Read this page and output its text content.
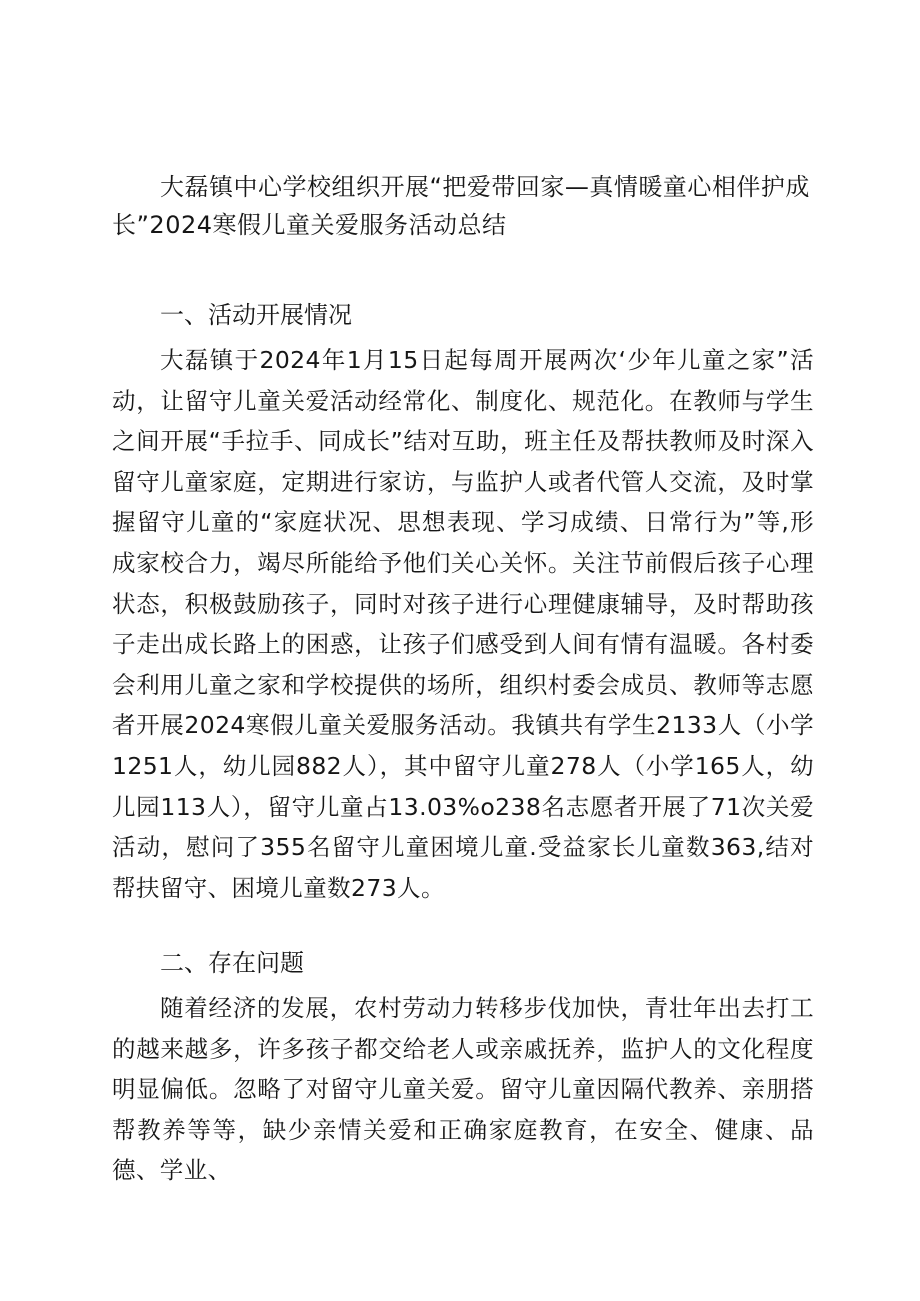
大磊镇中心学校组织开展“把爱带回家—真情暖童心相伴护成长”2024寒假儿童关爱服务活动总结
一、活动开展情况

大磊镇于2024年1月15日起每周开展两次‘少年儿童之家”活动，让留守儿童关爱活动经常化、制度化、规范化。在教师与学生之间开展“手拉手、同成长”结对互助，班主任及帮扶教师及时深入留守儿童家庭，定期进行家访，与监护人或者代管人交流，及时掌握留守儿童的“家庭状况、思想表现、学习成绩、日常行为”等,形成家校合力，竭尽所能给予他们关心关怀。关注节前假后孩子心理状态，积极鼓励孩子，同时对孩子进行心理健康辅导，及时帮助孩子走出成长路上的困惑，让孩子们感受到人间有情有温暖。各村委会利用儿童之家和学校提供的场所，组织村委会成员、教师等志愿者开展2024寒假儿童关爱服务活动。我镇共有学生2133人（小学1251人，幼儿园882人），其中留守儿童278人（小学165人，幼儿园113人），留守儿童占13.03%o238名志愿者开展了71次关爱活动，慰问了355名留守儿童困境儿童.受益家长儿童数363,结对帮扶留守、困境儿童数273人。

二、存在问题

随着经济的发展，农村劳动力转移步伐加快，青壮年出去打工的越来越多，许多孩子都交给老人或亲戚抚养，监护人的文化程度明显偏低。忽略了对留守儿童关爱。留守儿童因隔代教养、亲朋搭帮教养等等，缺少亲情关爱和正确家庭教育，在安全、健康、品德、学业、
